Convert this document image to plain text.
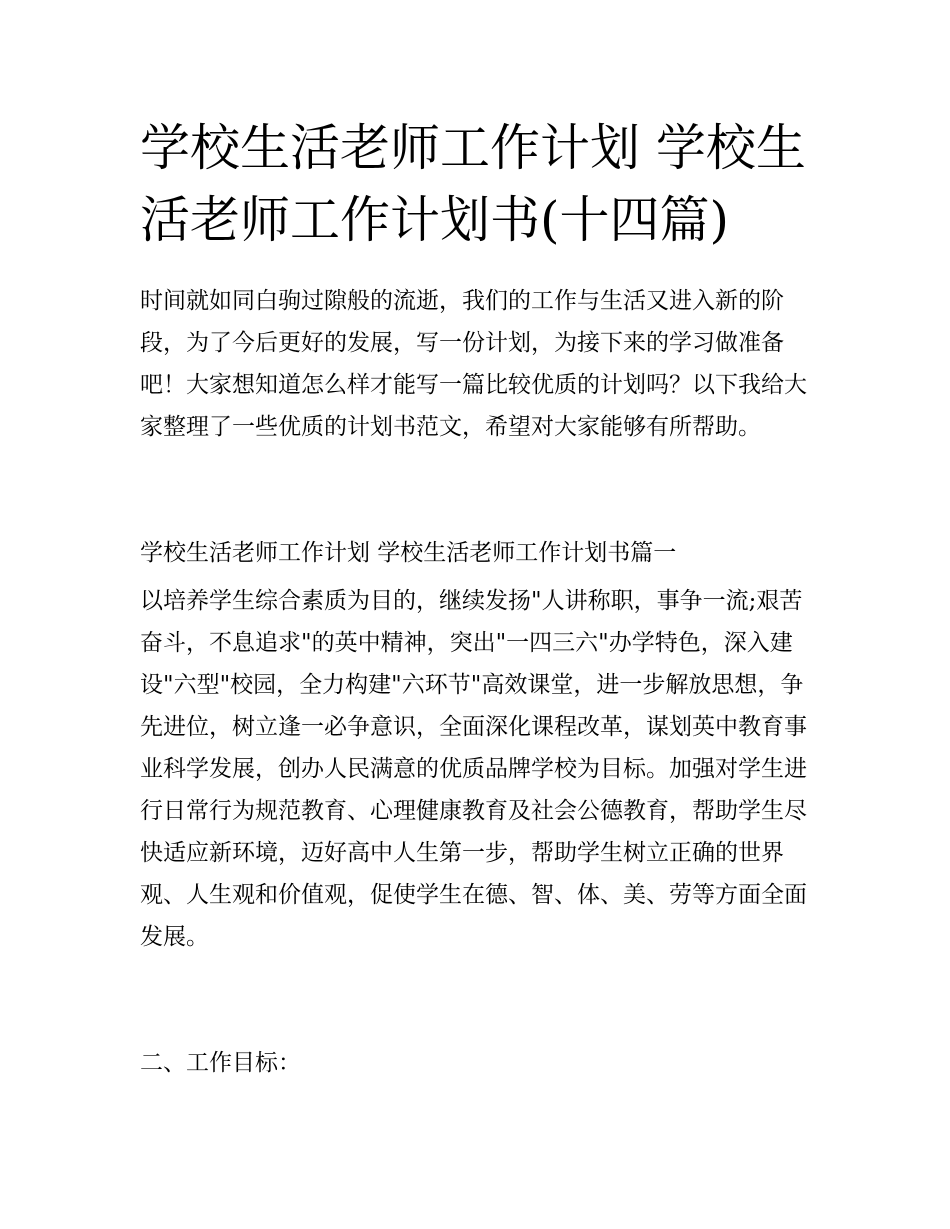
学校生活老师工作计划 学校生活老师工作计划书(十四篇)

时间就如同白驹过隙般的流逝，我们的工作与生活又进入新的阶段，为了今后更好的发展，写一份计划，为接下来的学习做准备吧！大家想知道怎么样才能写一篇比较优质的计划吗？以下我给大家整理了一些优质的计划书范文，希望对大家能够有所帮助。

学校生活老师工作计划 学校生活老师工作计划书篇一

以培养学生综合素质为目的，继续发扬"人讲称职，事争一流;艰苦奋斗，不息追求"的英中精神，突出"一四三六"办学特色，深入建设"六型"校园，全力构建"六环节"高效课堂，进一步解放思想，争先进位，树立逢一必争意识，全面深化课程改革，谋划英中教育事业科学发展，创办人民满意的优质品牌学校为目标。加强对学生进行日常行为规范教育、心理健康教育及社会公德教育，帮助学生尽快适应新环境，迈好高中人生第一步，帮助学生树立正确的世界观、人生观和价值观，促使学生在德、智、体、美、劳等方面全面发展。

二、工作目标：
